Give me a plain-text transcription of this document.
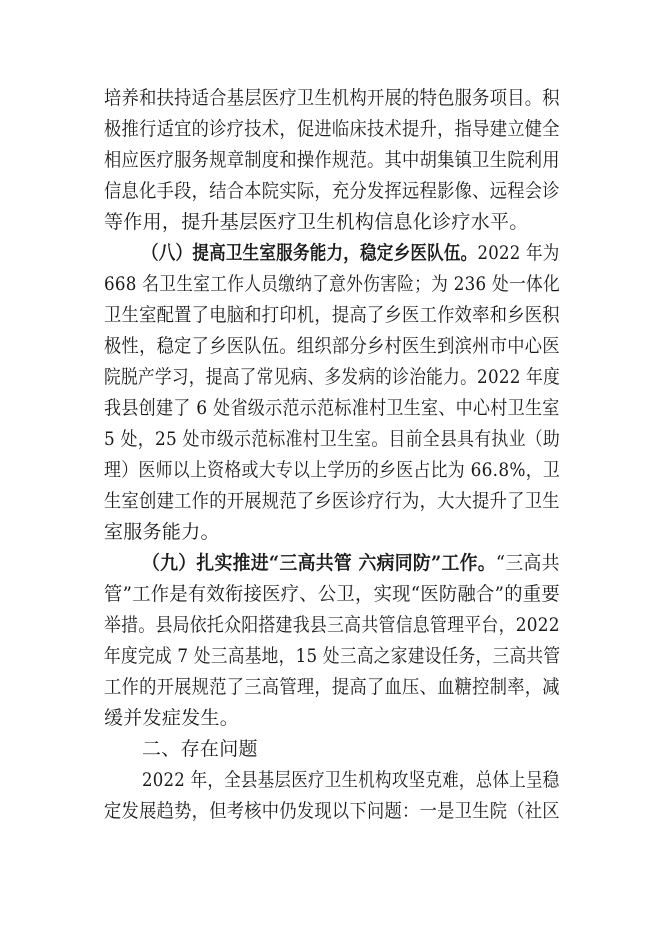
培养和扶持适合基层医疗卫生机构开展的特色服务项目。积
极推行适宜的诊疗技术，促进临床技术提升，指导建立健全
相应医疗服务规章制度和操作规范。其中胡集镇卫生院利用
信息化手段，结合本院实际，充分发挥远程影像、远程会诊
等作用，提升基层医疗卫生机构信息化诊疗水平。
（八）提高卫生室服务能力，稳定乡医队伍。2022 年为
668 名卫生室工作人员缴纳了意外伤害险；为 236 处一体化
卫生室配置了电脑和打印机，提高了乡医工作效率和乡医积
极性，稳定了乡医队伍。组织部分乡村医生到滨州市中心医
院脱产学习，提高了常见病、多发病的诊治能力。2022 年度
我县创建了 6 处省级示范示范标准村卫生室、中心村卫生室
5 处，25 处市级示范标准村卫生室。目前全县具有执业（助
理）医师以上资格或大专以上学历的乡医占比为 66.8%，卫
生室创建工作的开展规范了乡医诊疗行为，大大提升了卫生
室服务能力。
（九）扎实推进“三高共管 六病同防”工作。“三高共
管”工作是有效衔接医疗、公卫，实现“医防融合”的重要
举措。县局依托众阳搭建我县三高共管信息管理平台，2022
年度完成 7 处三高基地，15 处三高之家建设任务，三高共管
工作的开展规范了三高管理，提高了血压、血糖控制率，减
缓并发症发生。
二、存在问题
2022 年，全县基层医疗卫生机构攻坚克难，总体上呈稳
定发展趋势，但考核中仍发现以下问题：一是卫生院（社区
